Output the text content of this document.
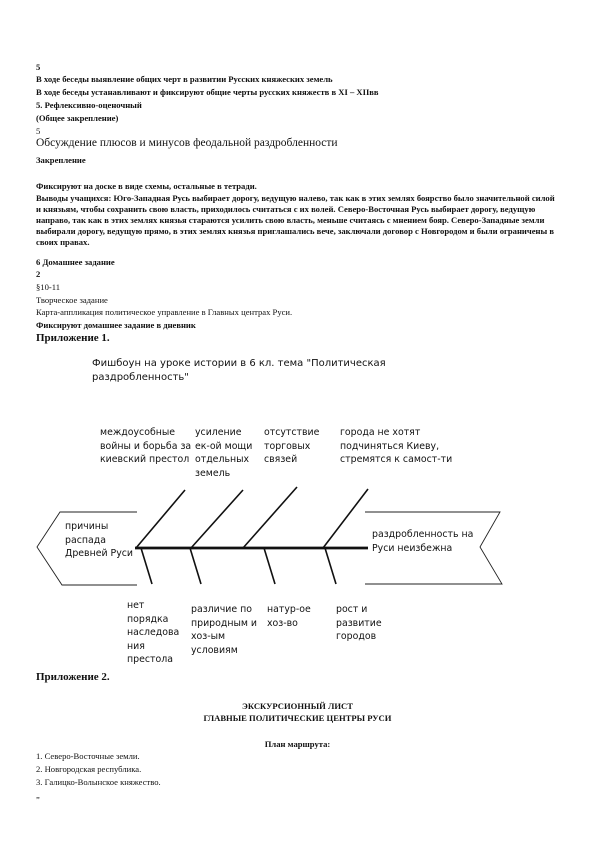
5
В ходе беседы выявление общих черт в развитии Русских княжеских земель
В ходе беседы устанавливают и фиксируют общие черты русских княжеств в XI – XIIвв
5. Рефлексивно-оценочный
(Общее закрепление)
5
Обсуждение плюсов и минусов феодальной раздробленности
Закрепление
Фиксируют на доске в виде схемы, остальные в тетради.
Выводы учащихся: Юго-Западная Русь выбирает дорогу, ведущую налево, так как в этих землях боярство было значительной силой и князьям, чтобы сохранить свою власть, приходилось считаться с их волей. Северо-Восточная Русь выбирает дорогу, ведущую направо, так как в этих землях князья стараются усилить свою власть, меньше считаясь с мнением бояр. Северо-Западные земли выбирали дорогу, ведущую прямо, в этих землях князья приглашались вече, заключали договор с Новгородом и были ограничены в своих правах.
6 Домашнее задание
2
§10-11
Творческое задание
Карта-аппликация политическое управление в Главных центрах Руси.
Фиксируют домашнее задание в дневник
Приложение 1.
Фишбоун на уроке истории в 6 кл. тема "Политическая раздробленность"
причины распада Древней Руси
раздробленность на Руси неизбежна
междоусобные войны и борьба за киевский престол
усиление ек-ой мощи отдельных земель
отсутствие торговых связей
города не хотят подчиняться Киеву, стремятся к самост-ти
нет порядка наследова ния престола
различие по природным и хоз-ым условиям
натур-ое хоз-во
рост и развитие городов
Приложение 2.
ЭКСКУРСИОННЫЙ ЛИСТ
ГЛАВНЫЕ ПОЛИТИЧЕСКИЕ ЦЕНТРЫ РУСИ
План маршрута:
1. Северо-Восточные земли.
2. Новгородская республика.
3. Галицко-Волынское княжество.
„
